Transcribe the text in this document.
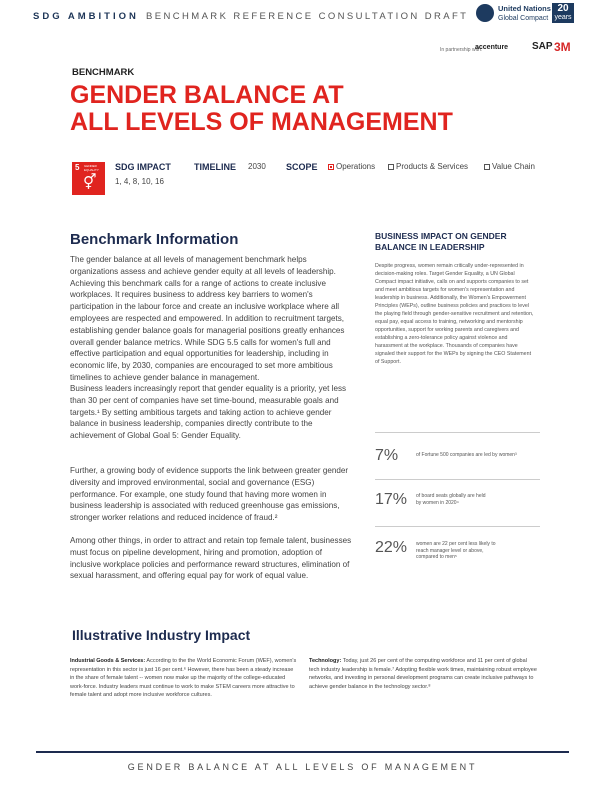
SDG AMBITION BENCHMARK REFERENCE CONSULTATION DRAFT
United Nations
Global Compact
20
years
In partnership with:
accenture SAP 3M
BENCHMARK
GENDER BALANCE AT
ALL LEVELS OF MANAGEMENT
5 GENDER EQUALITY
⚥
SDG IMPACT
1, 4, 8, 10, 16
TIMELINE 2030 SCOPE	Operations	Products & Services	Value Chain
Benchmark Information
The gender balance at all levels of management benchmark helps organizations assess and achieve gender equity at all levels of leadership. Achieving this benchmark calls for a range of actions to create inclusive workplaces. It requires business to address key barriers to women's participation in the labour force and create an inclusive workplace where all employees are respected and empowered. In addition to recruitment targets, establishing gender balance goals for managerial positions greatly enhances overall gender balance metrics. While SDG 5.5 calls for women's full and effective participation and equal opportunities for leadership, including in economic life, by 2030, companies are encouraged to set more ambitious timelines to achieve gender balance in management.
Business leaders increasingly report that gender equality is a priority, yet less than 30 per cent of companies have set time-bound, measurable goals and targets.¹ By setting ambitious targets and taking action to achieve gender balance in business leadership, companies directly contribute to the achievement of Global Goal 5: Gender Equality.
Further, a growing body of evidence supports the link between greater gender diversity and improved environmental, social and governance (ESG) performance. For example, one study found that having more women in business leadership is associated with reduced greenhouse gas emissions, stronger worker relations and reduced incidence of fraud.²
Among other things, in order to attract and retain top female talent, businesses must focus on pipeline development, hiring and promotion, adoption of inclusive workplace policies and performance reward structures, elimination of sexual harassment, and offering equal pay for work of equal value.
BUSINESS IMPACT ON GENDER BALANCE IN LEADERSHIP
Despite progress, women remain critically under-represented in decision-making roles. Target Gender Equality, a UN Global Compact impact initiative, calls on and supports companies to set and meet ambitious targets for women's representation and leadership in business. Additionally, the Women's Empowerment Principles (WEPs), outline business policies and practices to level the playing field through gender-sensitive recruitment and retention, equal pay, equal access to training, networking and mentorship opportunities, support for working parents and caregivers and establishing a zero-tolerance policy against violence and harassment at the workplace. Thousands of companies have signaled their support for the WEPs by signing the CEO Statement of Support.
7%	of Fortune 500 companies are led by women³
17% of board seats globally are held by women in 2020⁴
22% women are 22 per cent less likely to reach manager level or above, compared to men⁵
Illustrative Industry Impact
Industrial Goods & Services: According to the the World Economic Forum (WEF), women's representation in this sector is just 16 per cent.⁶ However, there has been a steady increase in the share of female talent -- women now make up the majority of the college-educated work-force. Industry leaders must continue to work to make STEM careers more attractive to female talent and adopt more inclusive workforce cultures.
Technology: Today, just 26 per cent of the computing workforce and 11 per cent of global tech industry leadership is female.⁷ Adopting flexible work times, maintaining robust employee networks, and investing in personal development programs can create inclusive pathways to achieve gender balance in the technology sector.⁸
GENDER BALANCE AT ALL LEVELS OF MANAGEMENT
